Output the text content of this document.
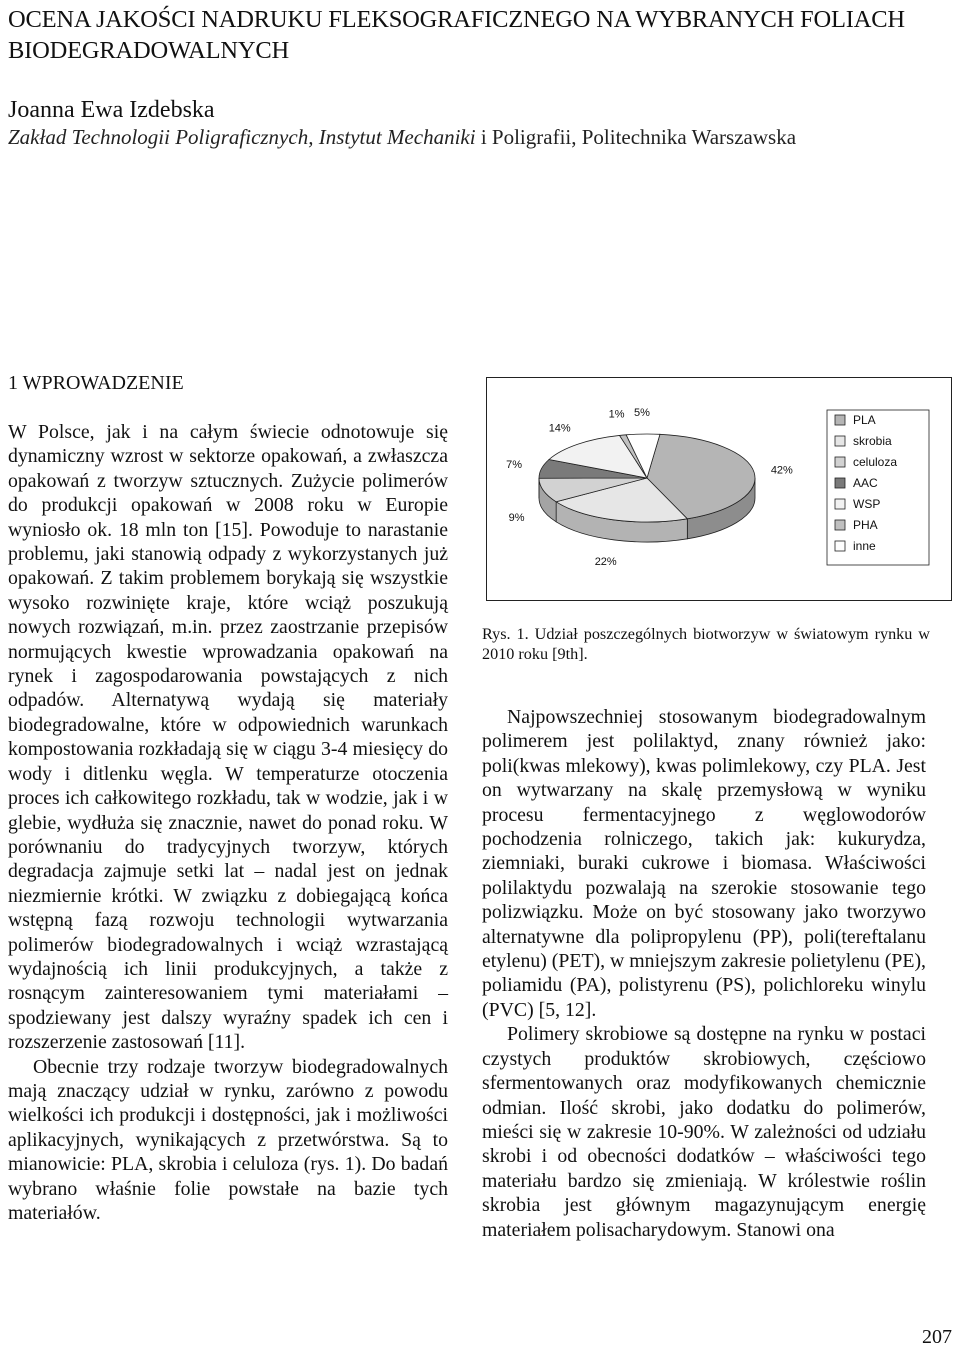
OCENA JAKOŚCI NADRUKU FLEKSOGRAFICZNEGO NA WYBRANYCH FOLIACH BIODEGRADOWALNYCH
Joanna Ewa Izdebska
Zakład Technologii Poligraficznych, Instytut Mechaniki i Poligrafii, Politechnika Warszawska
1 WPROWADZENIE

W Polsce, jak i na całym świecie odnotowuje się dynamiczny wzrost w sektorze opakowań, a zwłaszcza opakowań z tworzyw sztucznych. Zużycie polimerów do produkcji opakowań w 2008 roku w Europie wyniosło ok. 18 mln ton [15]. Powoduje to narastanie problemu, jaki stanowią odpady z wykorzystanych już opakowań. Z takim problemem borykają się wszystkie wysoko rozwinięte kraje, które wciąż poszukują nowych rozwiązań, m.in. przez zaostrzanie przepisów normujących kwestie wprowadzania opakowań na rynek i zagospodarowania powstających z nich odpadów. Alternatywą wydają się materiały biodegradowalne, które w odpowiednich warunkach kompostowania rozkładają się w ciągu 3-4 miesięcy do wody i ditlenku węgla. W temperaturze otoczenia proces ich całkowitego rozkładu, tak w wodzie, jak i w glebie, wydłuża się znacznie, nawet do ponad roku. W porównaniu do tradycyjnych tworzyw, których degradacja zajmuje setki lat – nadal jest on jednak niezmiernie krótki. W związku z dobiegającą końca wstępną fazą rozwoju technologii wytwarzania polimerów biodegradowalnych i wciąż wzrastającą wydajnością ich linii produkcyjnych, a także z rosnącym zainteresowaniem tymi materiałami – spodziewany jest dalszy wyraźny spadek ich cen i rozszerzenie zastosowań [11].

Obecnie trzy rodzaje tworzyw biodegradowalnych mają znaczący udział w rynku, zarówno z powodu wielkości ich produkcji i dostępności, jak i możliwości aplikacyjnych, wynikających z przetwórstwa. Są to mianowicie: PLA, skrobia i celuloza (rys. 1). Do badań wybrano właśnie folie powstałe na bazie tych materiałów.

42%
22%
9%
7%
14%
1% 5%	PLA
skrobia
celuloza
AAC
WSP
PHA
inne
Rys. 1. Udział poszczególnych biotworzyw w światowym rynku w 2010 roku [9th].

Najpowszechniej stosowanym biodegradowalnym polimerem jest polilaktyd, znany również jako: poli(kwas mlekowy), kwas polimlekowy, czy PLA. Jest on wytwarzany na skalę przemysłową w wyniku procesu fermentacyjnego z węglowodorów pochodzenia rolniczego, takich jak: kukurydza, ziemniaki, buraki cukrowe i biomasa. Właściwości polilaktydu pozwalają na szerokie stosowanie tego polizwiązku. Może on być stosowany jako tworzywo alternatywne dla polipropylenu (PP), poli(tereftalanu etylenu) (PET), w mniejszym zakresie polietylenu (PE), poliamidu (PA), polistyrenu (PS), polichloreku winylu (PVC) [5, 12].

Polimery skrobiowe są dostępne na rynku w postaci czystych produktów skrobiowych, częściowo sfermentowanych oraz modyfikowanych chemicznie odmian. Ilość skrobi, jako dodatku do polimerów, mieści się w zakresie 10-90%. W zależności od udziału skrobi i od obecności dodatków – właściwości tego materiału bardzo się zmieniają. W królestwie roślin skrobia jest głównym magazynującym energię materiałem polisacharydowym. Stanowi ona

207
